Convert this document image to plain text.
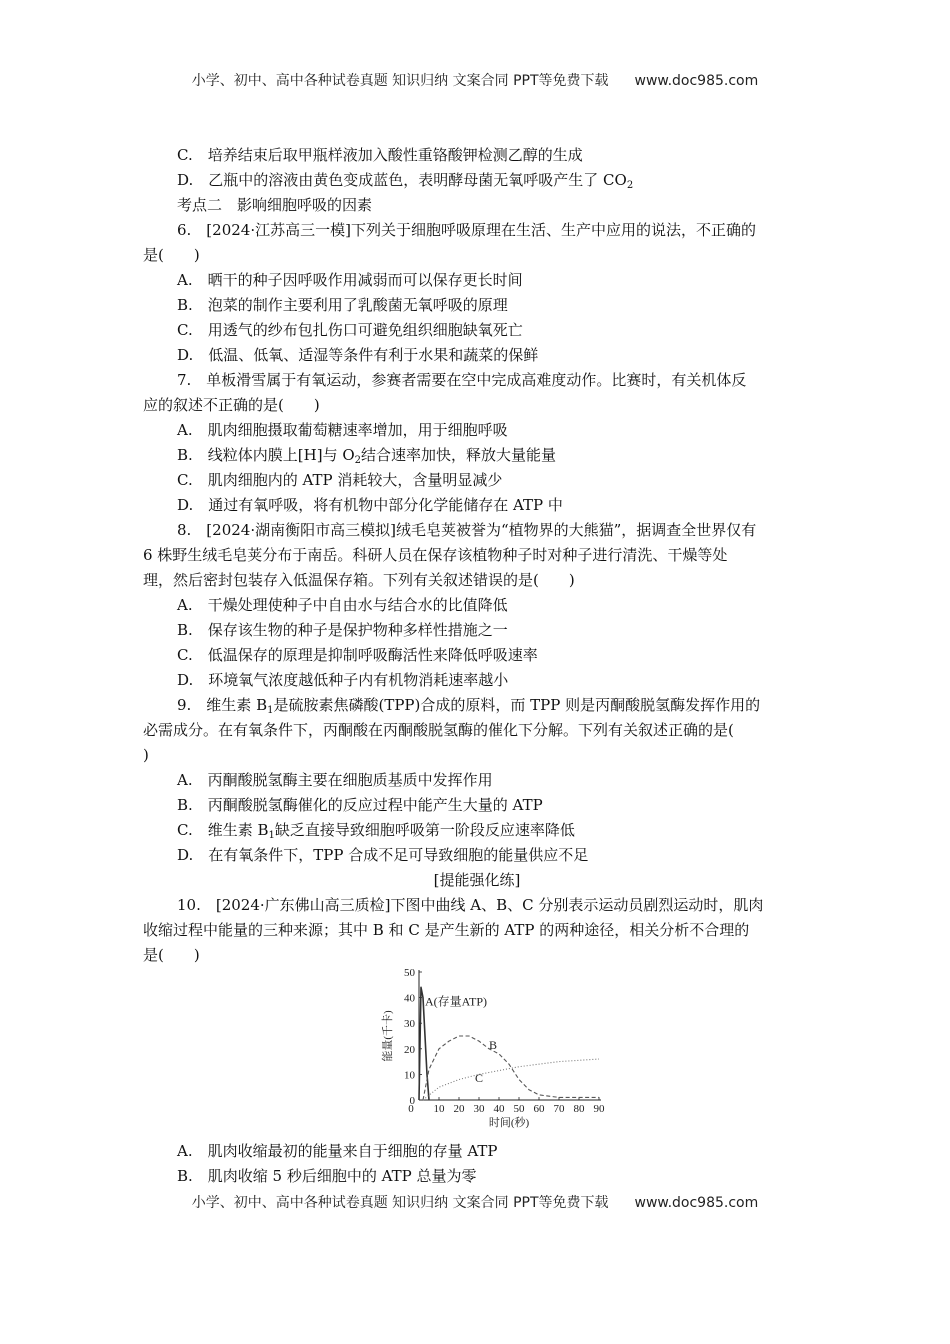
小学、初中、高中各种试卷真题 知识归纳 文案合同 PPT等免费下载 www.doc985.com
C.　培养结束后取甲瓶样液加入酸性重铬酸钾检测乙醇的生成
D.　乙瓶中的溶液由黄色变成蓝色，表明酵母菌无氧呼吸产生了 $CO_2$
考点二　影响细胞呼吸的因素
6.　[2024·江苏高三一模]下列关于细胞呼吸原理在生活、生产中应用的说法，不正确的
是(　　)
A.　晒干的种子因呼吸作用减弱而可以保存更长时间
B.　泡菜的制作主要利用了乳酸菌无氧呼吸的原理
C.　用透气的纱布包扎伤口可避免组织细胞缺氧死亡
D.　低温、低氧、适湿等条件有利于水果和蔬菜的保鲜
7.　单板滑雪属于有氧运动，参赛者需要在空中完成高难度动作。比赛时，有关机体反
应的叙述不正确的是(　　)
A.　肌肉细胞摄取葡萄糖速率增加，用于细胞呼吸
B.　线粒体内膜上[H]与 $O_2$结合速率加快，释放大量能量
C.　肌肉细胞内的 ATP 消耗较大，含量明显减少
D.　通过有氧呼吸，将有机物中部分化学能储存在 ATP 中
8.　[2024·湖南衡阳市高三模拟]绒毛皂荚被誉为“植物界的大熊猫”，据调查全世界仅有
6 株野生绒毛皂荚分布于南岳。科研人员在保存该植物种子时对种子进行清洗、干燥等处
理，然后密封包装存入低温保存箱。下列有关叙述错误的是(　　)
A.　干燥处理使种子中自由水与结合水的比值降低
B.　保存该生物的种子是保护物种多样性措施之一
C.　低温保存的原理是抑制呼吸酶活性来降低呼吸速率
D.　环境氧气浓度越低种子内有机物消耗速率越小
9.　维生素 $B_1$是硫胺素焦磷酸(TPP)合成的原料，而 TPP 则是丙酮酸脱氢酶发挥作用的
必需成分。在有氧条件下，丙酮酸在丙酮酸脱氢酶的催化下分解。下列有关叙述正确的是(
)
A.　丙酮酸脱氢酶主要在细胞质基质中发挥作用
B.　丙酮酸脱氢酶催化的反应过程中能产生大量的 ATP
C.　维生素 $B_1$缺乏直接导致细胞呼吸第一阶段反应速率降低
D.　在有氧条件下，TPP 合成不足可导致细胞的能量供应不足
[提能强化练]
10.　[2024·广东佛山高三质检]下图中曲线 A、B、C 分别表示运动员剧烈运动时，肌肉
收缩过程中能量的三种来源；其中 B 和 C 是产生新的 ATP 的两种途径，相关分析不合理的
是(　　)
0 10 20 30 40 50 60 70 80 90
10
20
30
40
50
0
时间(秒)
能量(千卡)
A(存量ATP)
B
C
A.　肌肉收缩最初的能量来自于细胞的存量 ATP
B.　肌肉收缩 5 秒后细胞中的 ATP 总量为零
小学、初中、高中各种试卷真题 知识归纳 文案合同 PPT等免费下载 www.doc985.com
